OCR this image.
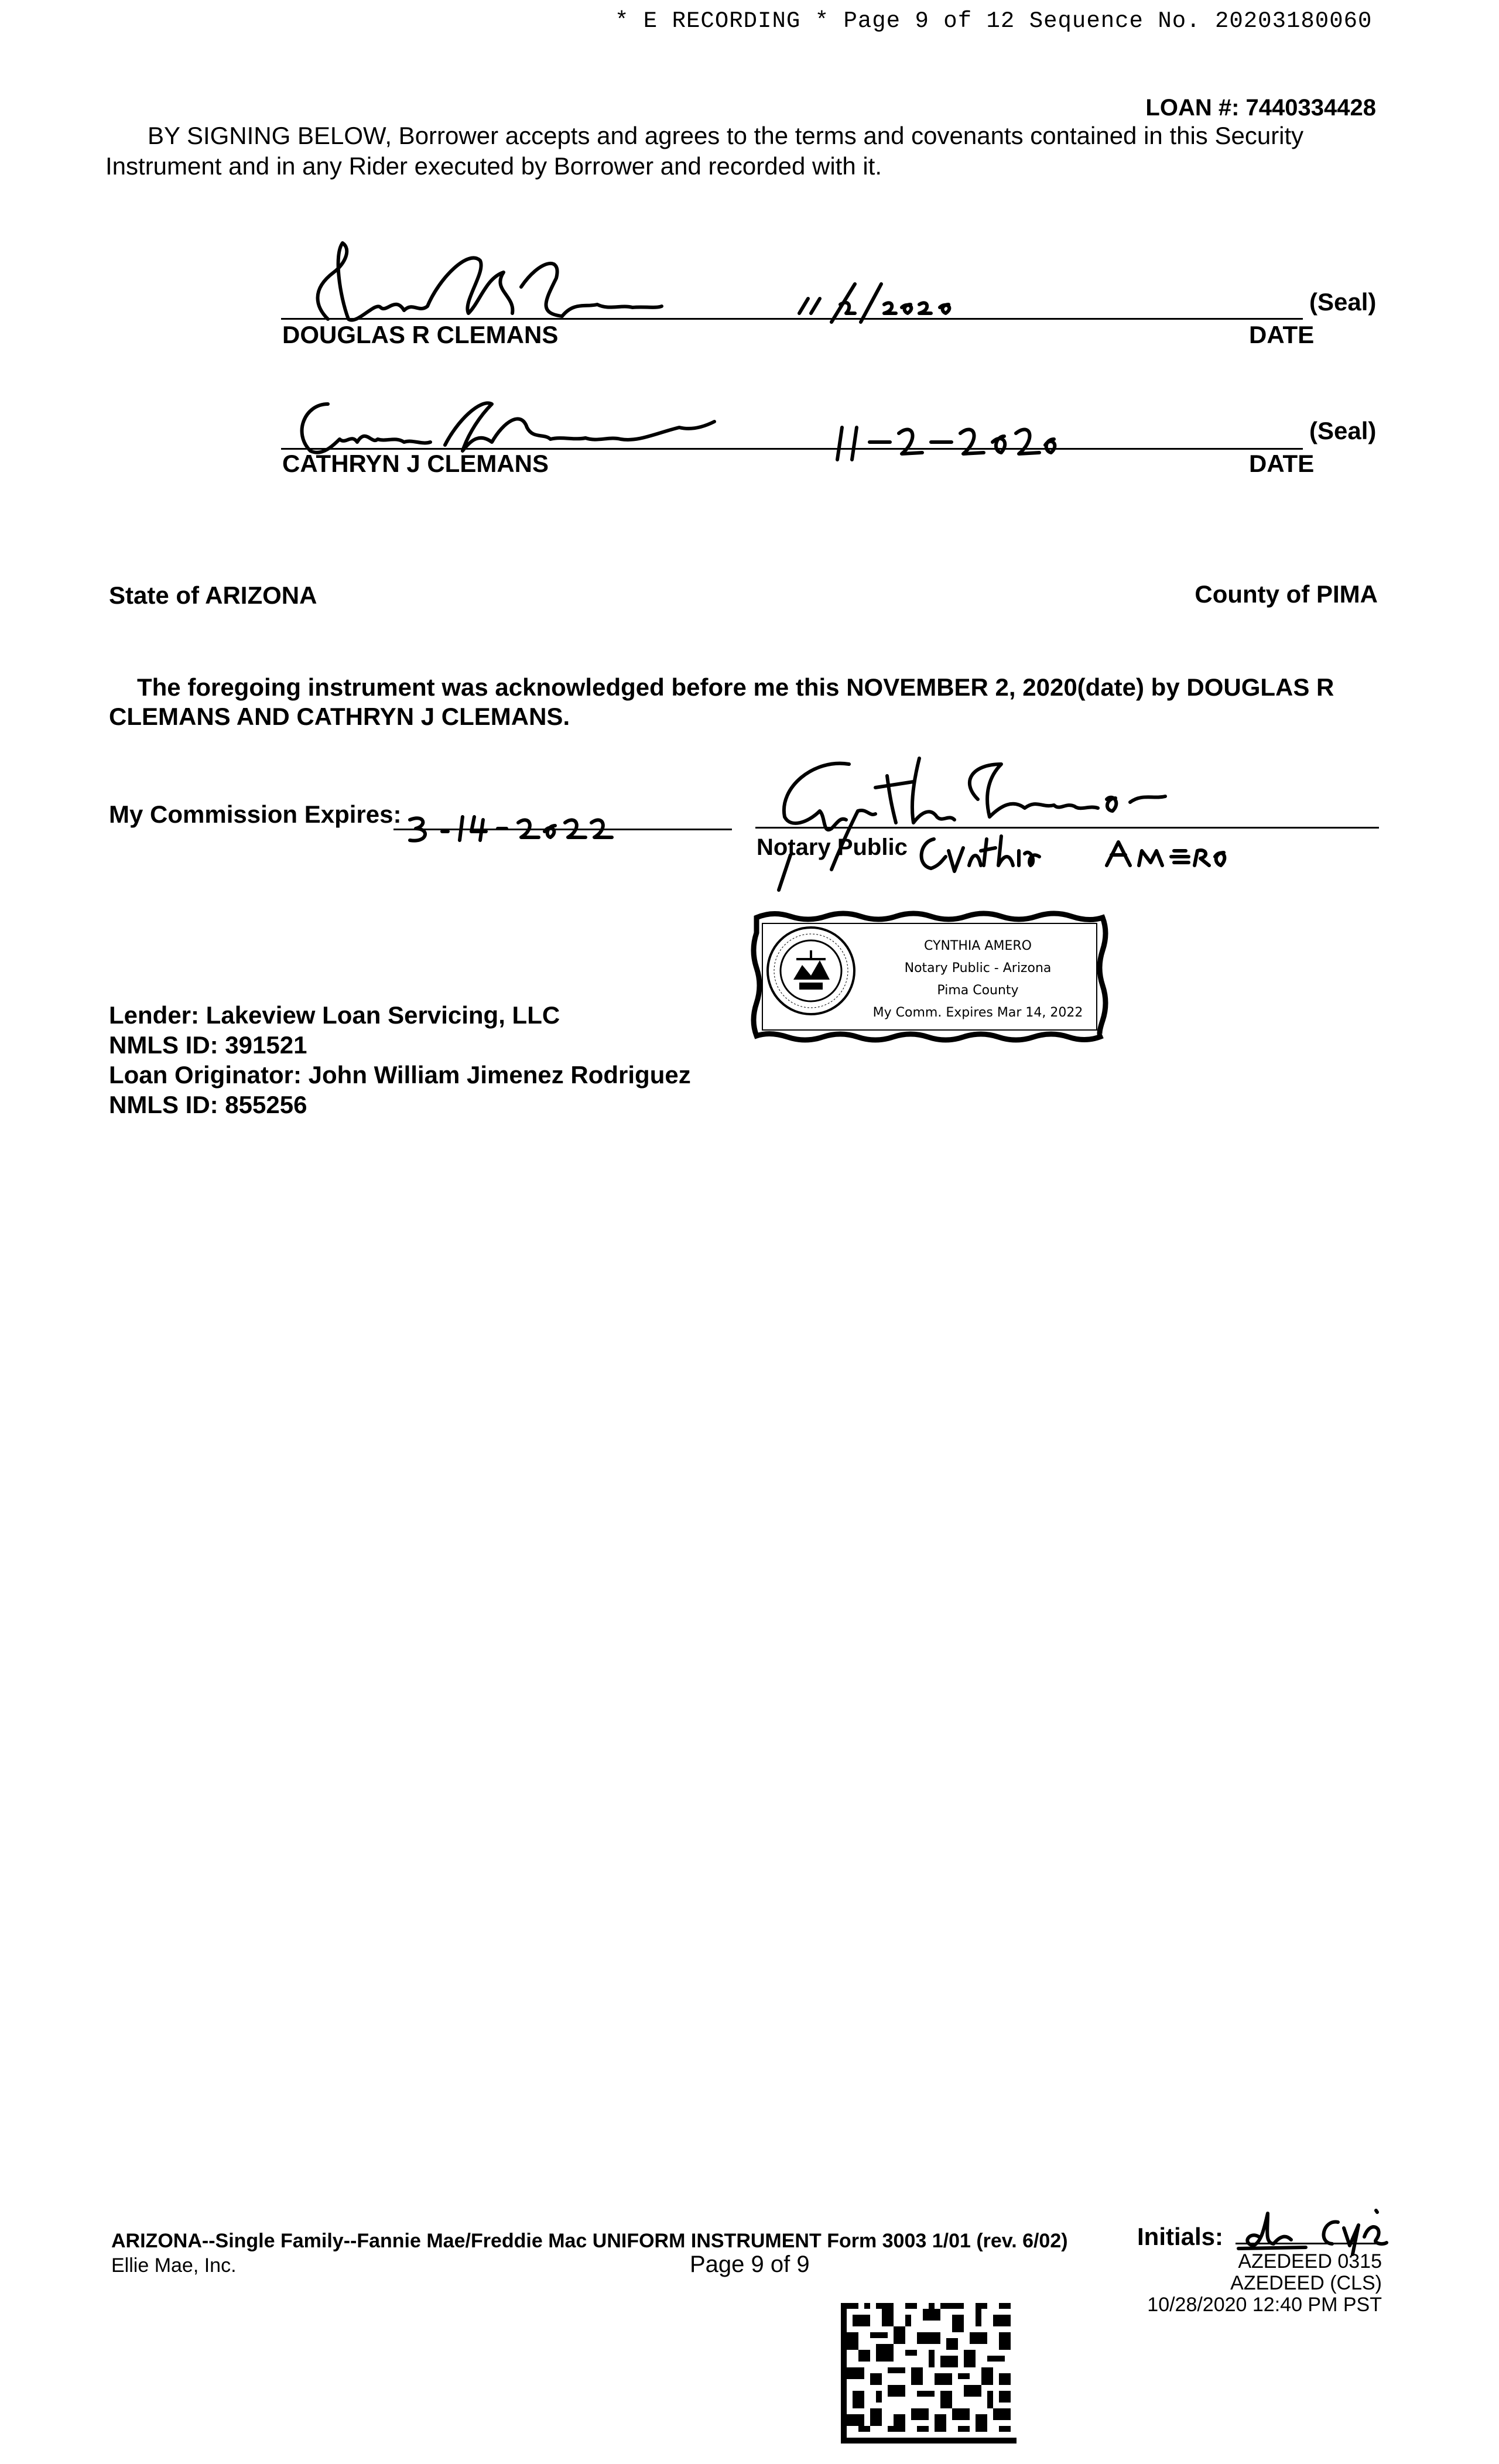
* E RECORDING * Page 9 of 12 Sequence No. 20203180060
LOAN #: 7440334428
BY SIGNING BELOW, Borrower accepts and agrees to the terms and covenants contained in this Security
Instrument and in any Rider executed by Borrower and recorded with it.
DOUGLAS R CLEMANS
(Seal)
DATE
CATHRYN J CLEMANS
(Seal)
DATE
State of ARIZONA	County of PIMA
The foregoing instrument was acknowledged before me this NOVEMBER 2, 2020(date) by DOUGLAS R
CLEMANS AND CATHRYN J CLEMANS.
My Commission Expires:
Notary Public
CYNTHIA AMERO
Notary Public - Arizona
Pima County
My Comm. Expires Mar 14, 2022
Lender: Lakeview Loan Servicing, LLC
NMLS ID: 391521
Loan Originator: John William Jimenez Rodriguez
NMLS ID: 855256
ARIZONA--Single Family--Fannie Mae/Freddie Mac UNIFORM INSTRUMENT Form 3003 1/01 (rev. 6/02)
Ellie Mae, Inc.	Page 9 of 9
Initials:
AZEDEED 0315
AZEDEED (CLS)
10/28/2020 12:40 PM PST
